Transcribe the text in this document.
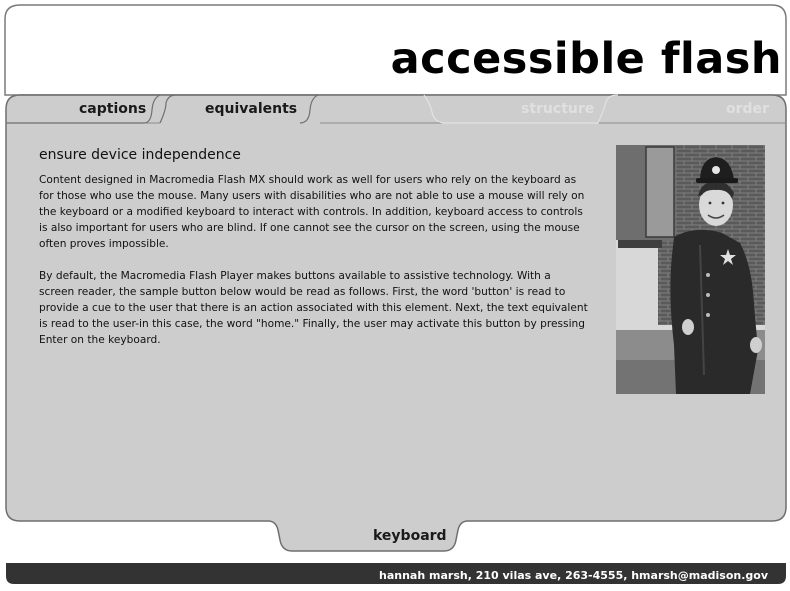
accessible flash
captions	equivalents	structure	order
ensure device independence

Content designed in Macromedia Flash MX should work as well for users who rely on the keyboard as for those who use the mouse. Many users with disabilities who are not able to use a mouse will rely on the keyboard or a modified keyboard to interact with controls. In addition, keyboard access to controls is also important for users who are blind. If one cannot see the cursor on the screen, using the mouse often proves impossible.

By default, the Macromedia Flash Player makes buttons available to assistive technology. With a screen reader, the sample button below would be read as follows. First, the word 'button' is read to provide a cue to the user that there is an action associated with this element. Next, the text equivalent is read to the user-in this case, the word "home." Finally, the user may activate this button by pressing Enter on the keyboard.

keyboard
hannah marsh, 210 vilas ave, 263-4555, hmarsh@madison.gov
